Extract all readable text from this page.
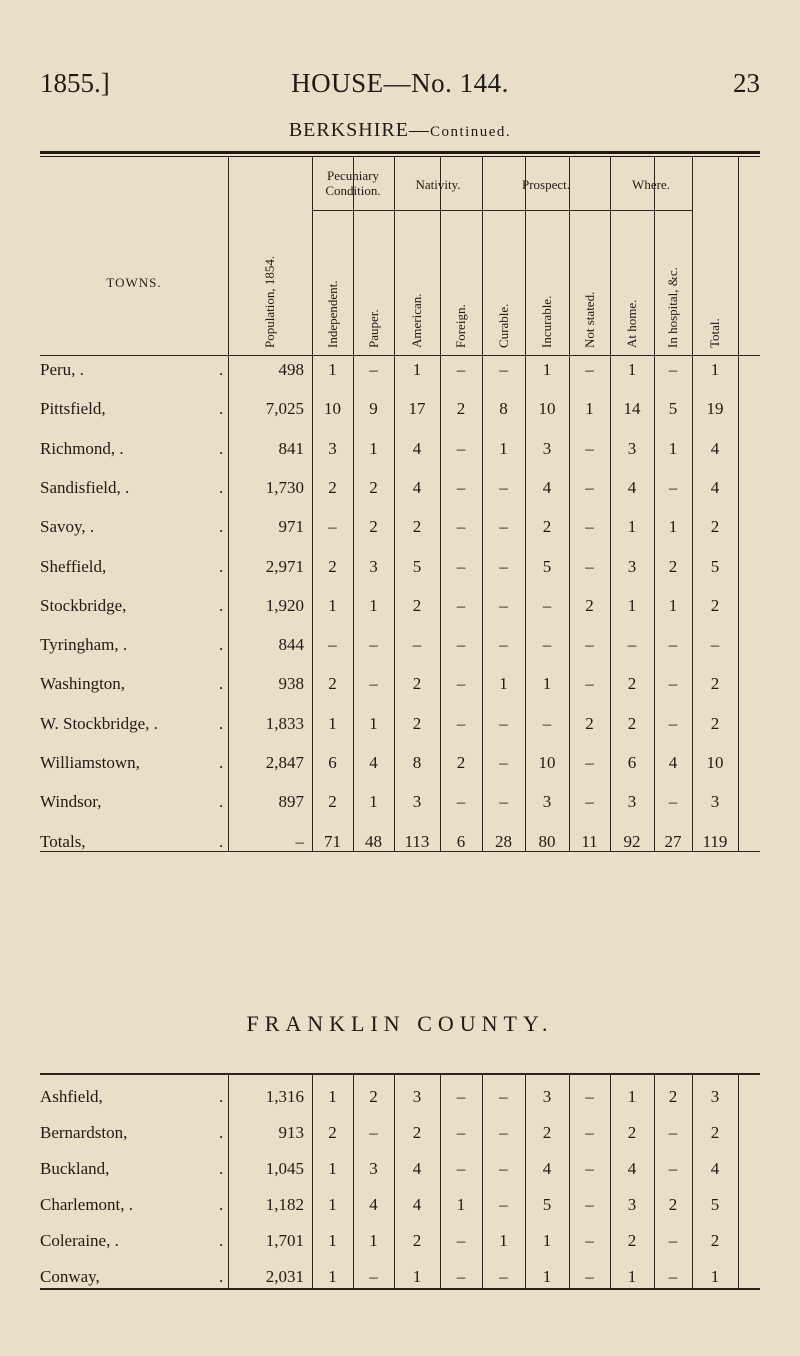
1855.]	HOUSE—No. 144.	23
BERKSHIRE—Continued.
TOWNS.
Pecuniary Condition.	Nativity.	Prospect.	Where.
Population, 1854.	Independent. Pauper. American. Foreign. Curable. Incurable. Not stated. At home. In hospital, &c. Total.
Peru, .	.	498	1	–	1	–	–	1	–	1	–	1
Pittsfield,	.	7,025	10	9	17	2	8	10	1	14	5	19
Richmond, .	.	841	3	1	4	–	1	3	–	3	1	4
Sandisfield, .	.	1,730	2	2	4	–	–	4	–	4	–	4
Savoy, .	.	971	–	2	2	–	–	2	–	1	1	2
Sheffield,	.	2,971	2	3	5	–	–	5	–	3	2	5
Stockbridge,	.	1,920	1	1	2	–	–	–	2	1	1	2
Tyringham, .	.	844	–	–	–	–	–	–	–	–	–	–
Washington,	.	938	2	–	2	–	1	1	–	2	–	2
W. Stockbridge, .	.	1,833	1	1	2	–	–	–	2	2	–	2
Williamstown,	.	2,847	6	4	8	2	–	10	–	6	4	10
Windsor,	.	897	2	1	3	–	–	3	–	3	–	3
Totals,	.	–	71	48	113	6	28	80	11	92	27	119
Ashfield,	.	1,316	1	2	3	–	–	3	–	1	2	3
Bernardston,	.	913	2	–	2	–	–	2	–	2	–	2
Buckland,	.	1,045	1	3	4	–	–	4	–	4	–	4
Charlemont, .	.	1,182	1	4	4	1	–	5	–	3	2	5
Coleraine, .	.	1,701	1	1	2	–	1	1	–	2	–	2
Conway,	.	2,031	1	–	1	–	–	1	–	1	–	1
FRANKLIN COUNTY.
